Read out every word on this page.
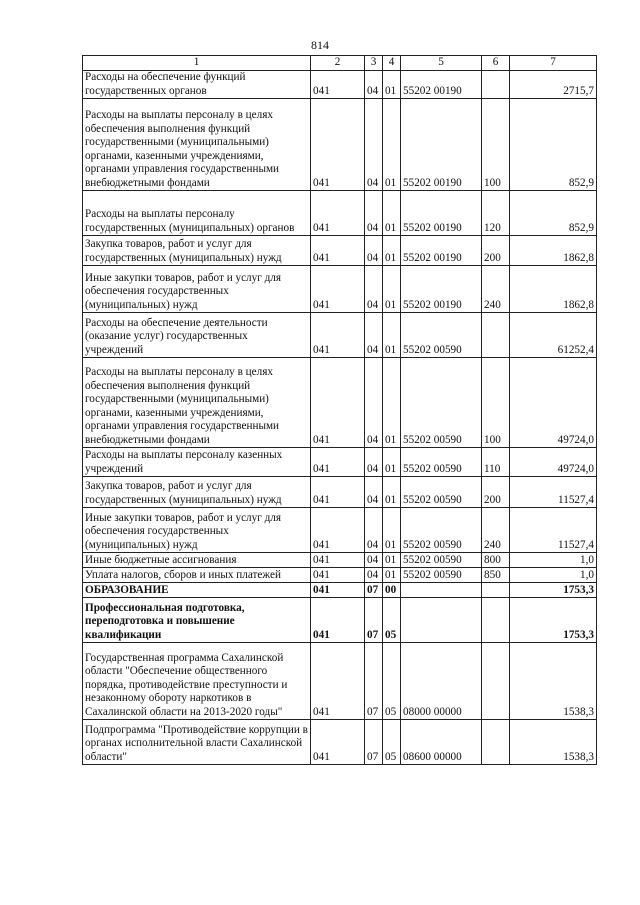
814
1	2	3	4	5	6	7
Расходы на обеспечение функций государственных органов	041	04	01	55202 00190		2715,7
Расходы на выплаты персоналу в целях обеспечения выполнения функций государственными (муниципальными) органами, казенными учреждениями, органами управления государственными внебюджетными фондами	041	04	01	55202 00190	100	852,9
Расходы на выплаты персоналу государственных (муниципальных) органов	041	04	01	55202 00190	120	852,9
Закупка товаров, работ и услуг для государственных (муниципальных) нужд	041	04	01	55202 00190	200	1862,8
Иные закупки товаров, работ и услуг для обеспечения государственных (муниципальных) нужд	041	04	01	55202 00190	240	1862,8
Расходы на обеспечение деятельности (оказание услуг) государственных учреждений	041	04	01	55202 00590		61252,4
Расходы на выплаты персоналу в целях обеспечения выполнения функций государственными (муниципальными) органами, казенными учреждениями, органами управления государственными внебюджетными фондами	041	04	01	55202 00590	100	49724,0
Расходы на выплаты персоналу казенных учреждений	041	04	01	55202 00590	110	49724,0
Закупка товаров, работ и услуг для государственных (муниципальных) нужд	041	04	01	55202 00590	200	11527,4
Иные закупки товаров, работ и услуг для обеспечения государственных (муниципальных) нужд	041	04	01	55202 00590	240	11527,4
Иные бюджетные ассигнования	041	04	01	55202 00590	800	1,0
Уплата налогов, сборов и иных платежей	041	04	01	55202 00590	850	1,0
ОБРАЗОВАНИЕ	041	07	00			1753,3
Профессиональная подготовка, переподготовка и повышение квалификации	041	07	05			1753,3
Государственная программа Сахалинской области "Обеспечение общественного порядка, противодействие преступности и незаконному обороту наркотиков в Сахалинской области на 2013-2020 годы"	041	07	05	08000 00000		1538,3
Подпрограмма "Противодействие коррупции в органах исполнительной власти Сахалинской области"	041	07	05	08600 00000		1538,3
